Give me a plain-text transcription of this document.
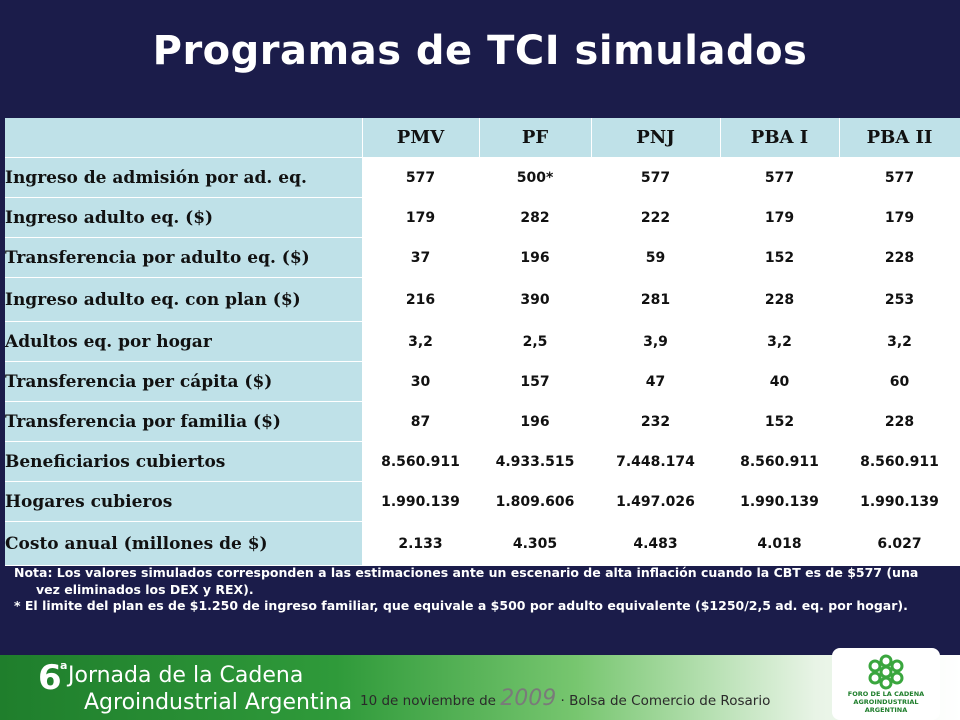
Programas de TCI simulados
	PMV	PF	PNJ	PBA I	PBA II
Ingreso de admisión por ad. eq.	577	500*	577	577	577
Ingreso adulto eq. ($)	179	282	222	179	179
Transferencia por adulto eq. ($)	37	196	59	152	228
Ingreso adulto eq. con plan ($)	216	390	281	228	253
Adultos eq. por hogar	3,2	2,5	3,9	3,2	3,2
Transferencia per cápita ($)	30	157	47	40	60
Transferencia por familia ($)	87	196	232	152	228
Beneficiarios cubiertos	8.560.911	4.933.515	7.448.174	8.560.911	8.560.911
Hogares cubieros	1.990.139	1.809.606	1.497.026	1.990.139	1.990.139
Costo anual (millones de $)	2.133	4.305	4.483	4.018	6.027

Nota: Los valores simulados corresponden a las estimaciones ante un escenario de alta inflación cuando la CBT es de $577 (una vez eliminados los DEX y REX).

* El limite del plan es de $1.250 de ingreso familiar, que equivale a $500 por adulto equivalente ($1250/2,5 ad. eq. por hogar).

6
a Jornada de la Cadena
Agroindustrial Argentina 10 de noviembre de 2009 · Bolsa de Comercio de Rosario	FORO DE LA CADENA AGROINDUSTRIAL ARGENTINA
